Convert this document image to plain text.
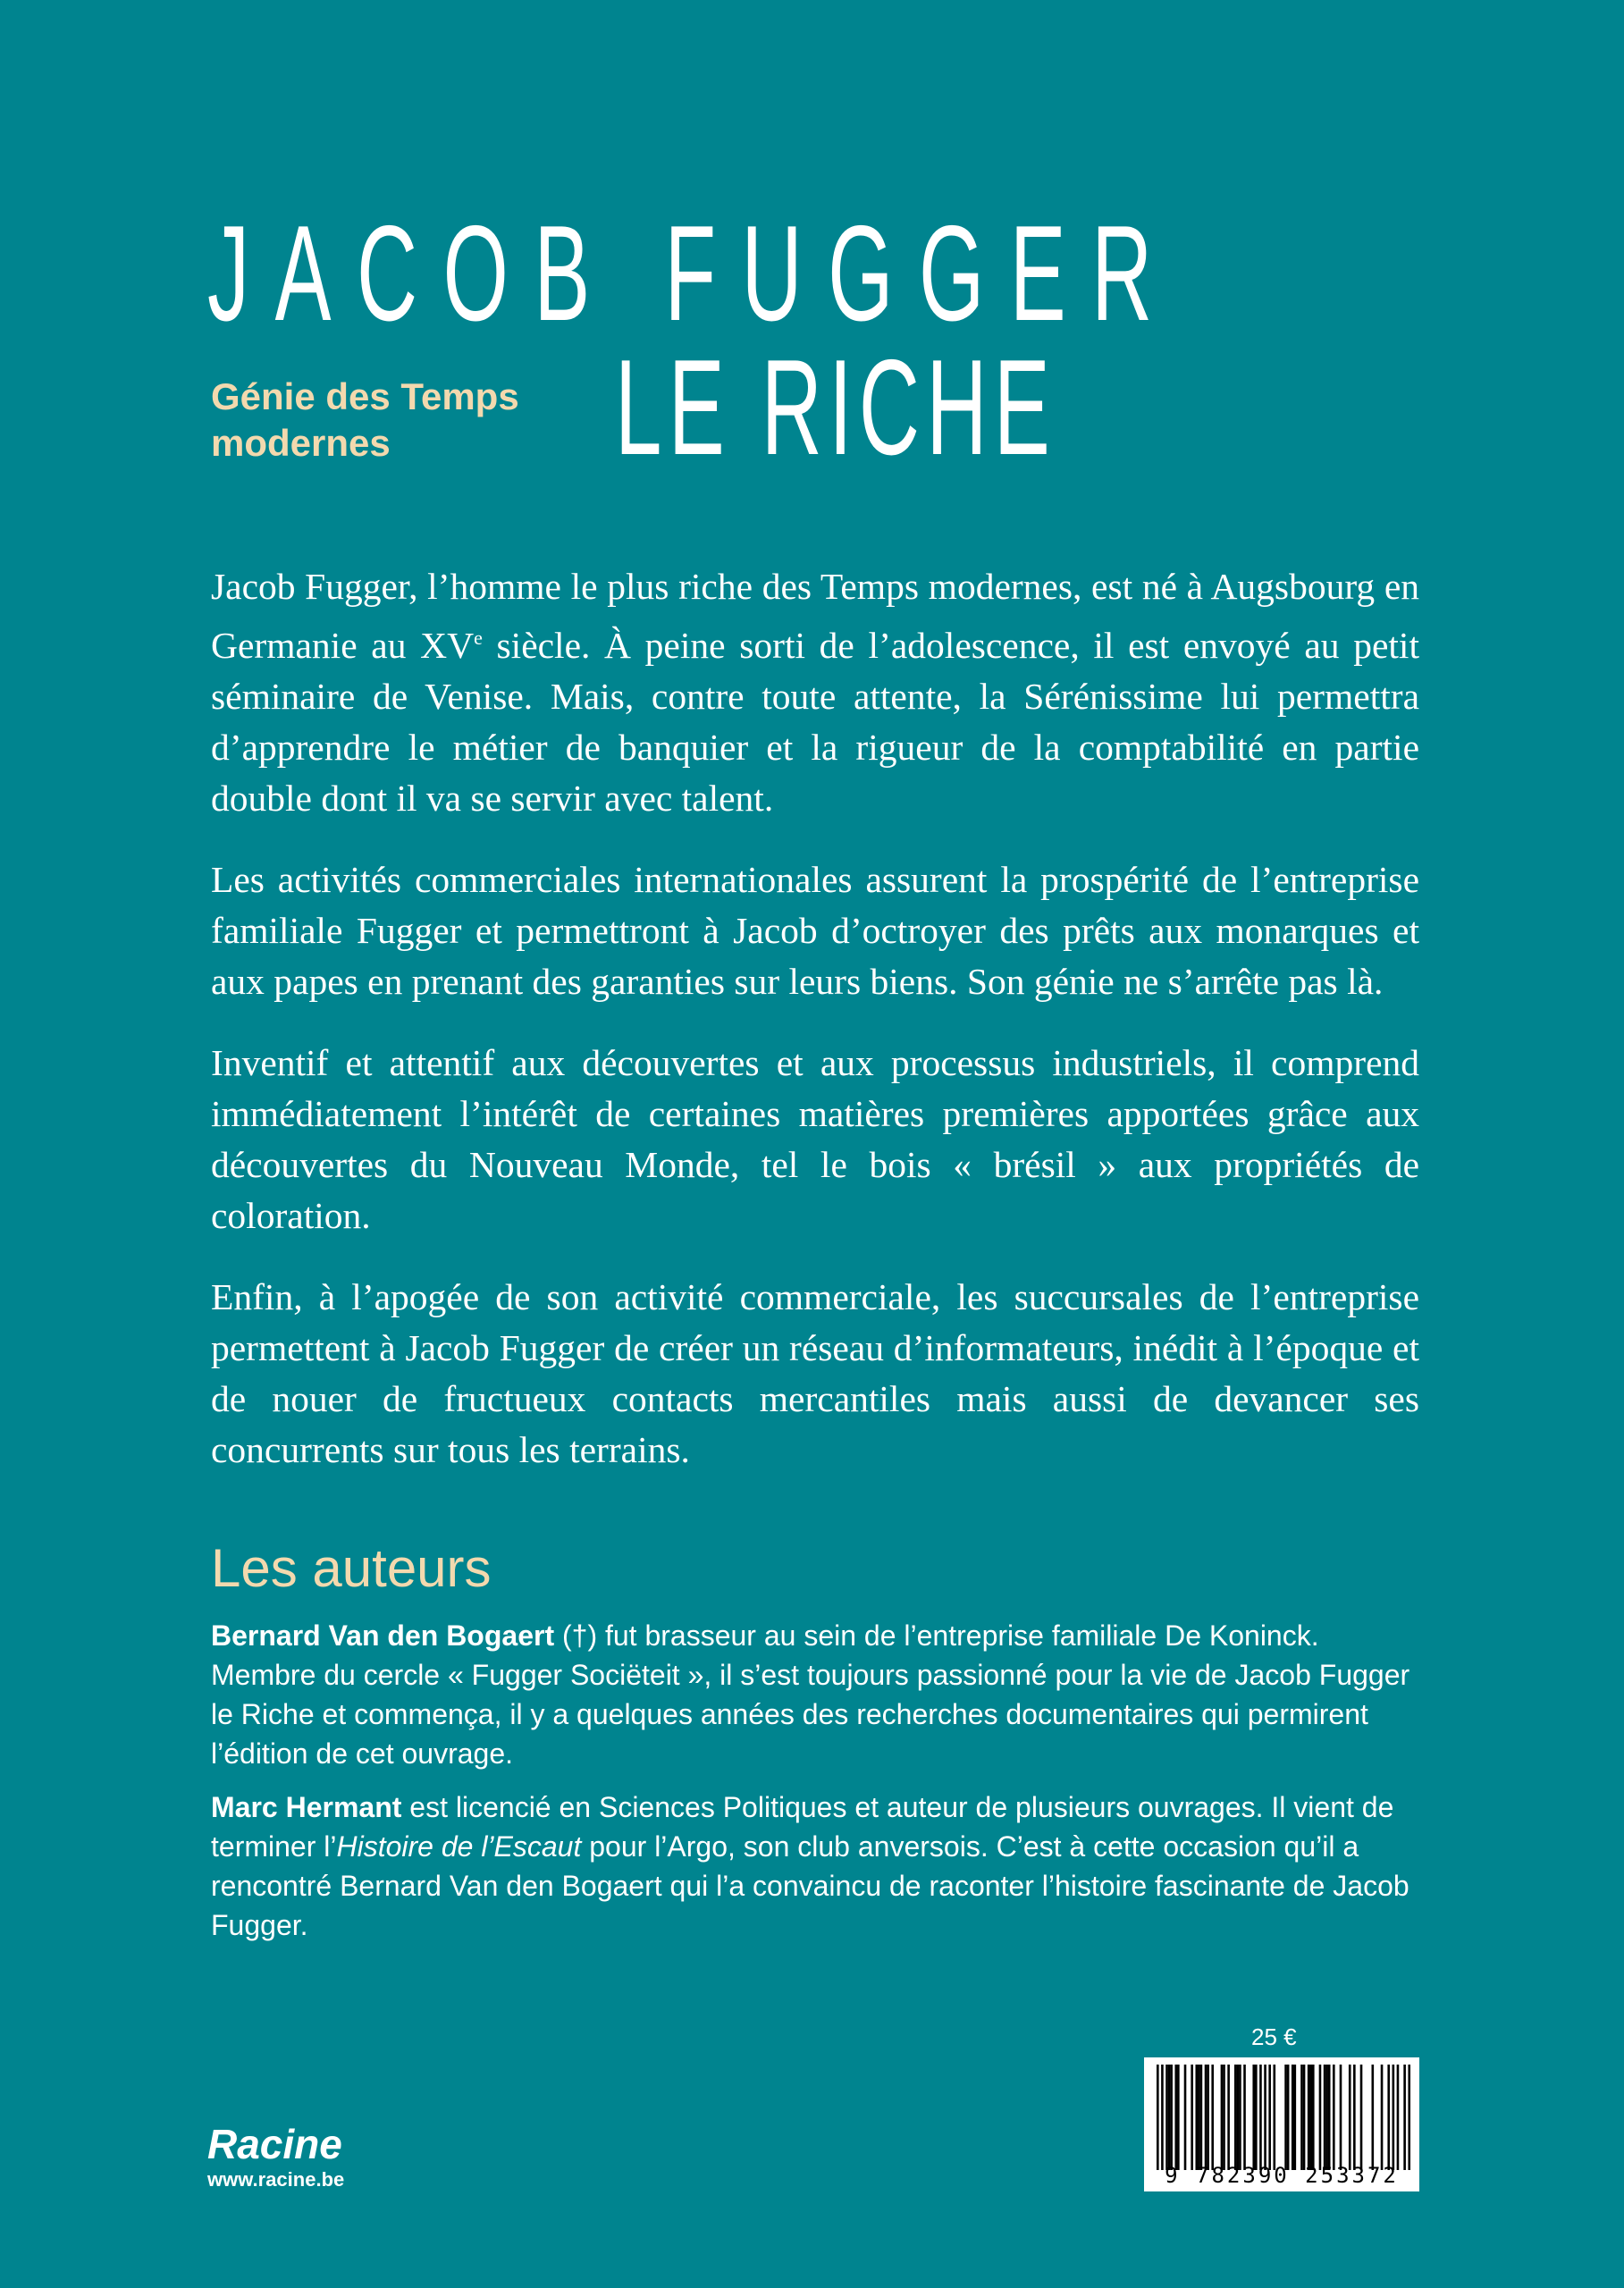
JACOB FUGGER
LE RICHE
Génie des Temps
modernes

Jacob Fugger, l’homme le plus riche des Temps modernes, est né à Augsbourg en Germanie au XVe siècle. À peine sorti de l’adolescence, il est envoyé au petit séminaire de Venise. Mais, contre toute attente, la Sérénissime lui permettra d’apprendre le métier de banquier et la rigueur de la comptabilité en partie double dont il va se servir avec talent.

Les activités commerciales internationales assurent la prospérité de l’entreprise familiale Fugger et permettront à Jacob d’octroyer des prêts aux monarques et aux papes en prenant des garanties sur leurs biens. Son génie ne s’arrête pas là.

Inventif et attentif aux découvertes et aux processus industriels, il comprend immédiatement l’intérêt de certaines matières premières apportées grâce aux découvertes du Nouveau Monde, tel le bois « brésil » aux propriétés de coloration.

Enfin, à l’apogée de son activité commerciale, les succursales de l’entreprise permettent à Jacob Fugger de créer un réseau d’informateurs, inédit à l’époque et de nouer de fructueux contacts mercantiles mais aussi de devancer ses concurrents sur tous les terrains.

Les auteurs

Bernard Van den Bogaert (†) fut brasseur au sein de l’entreprise familiale De Koninck. Membre du cercle « Fugger Sociëteit », il s’est toujours passionné pour la vie de Jacob Fugger le Riche et commença, il y a quelques années des recherches documentaires qui permirent l’édition de cet ouvrage.

Marc Hermant est licencié en Sciences Politiques et auteur de plusieurs ouvrages. Il vient de terminer l’Histoire de l’Escaut pour l’Argo, son club anversois. C’est à cette occasion qu’il a rencontré Bernard Van den Bogaert qui l’a convaincu de raconter l’histoire fascinante de Jacob Fugger.

Racine
www.racine.be
25 €
9 782390 253372
